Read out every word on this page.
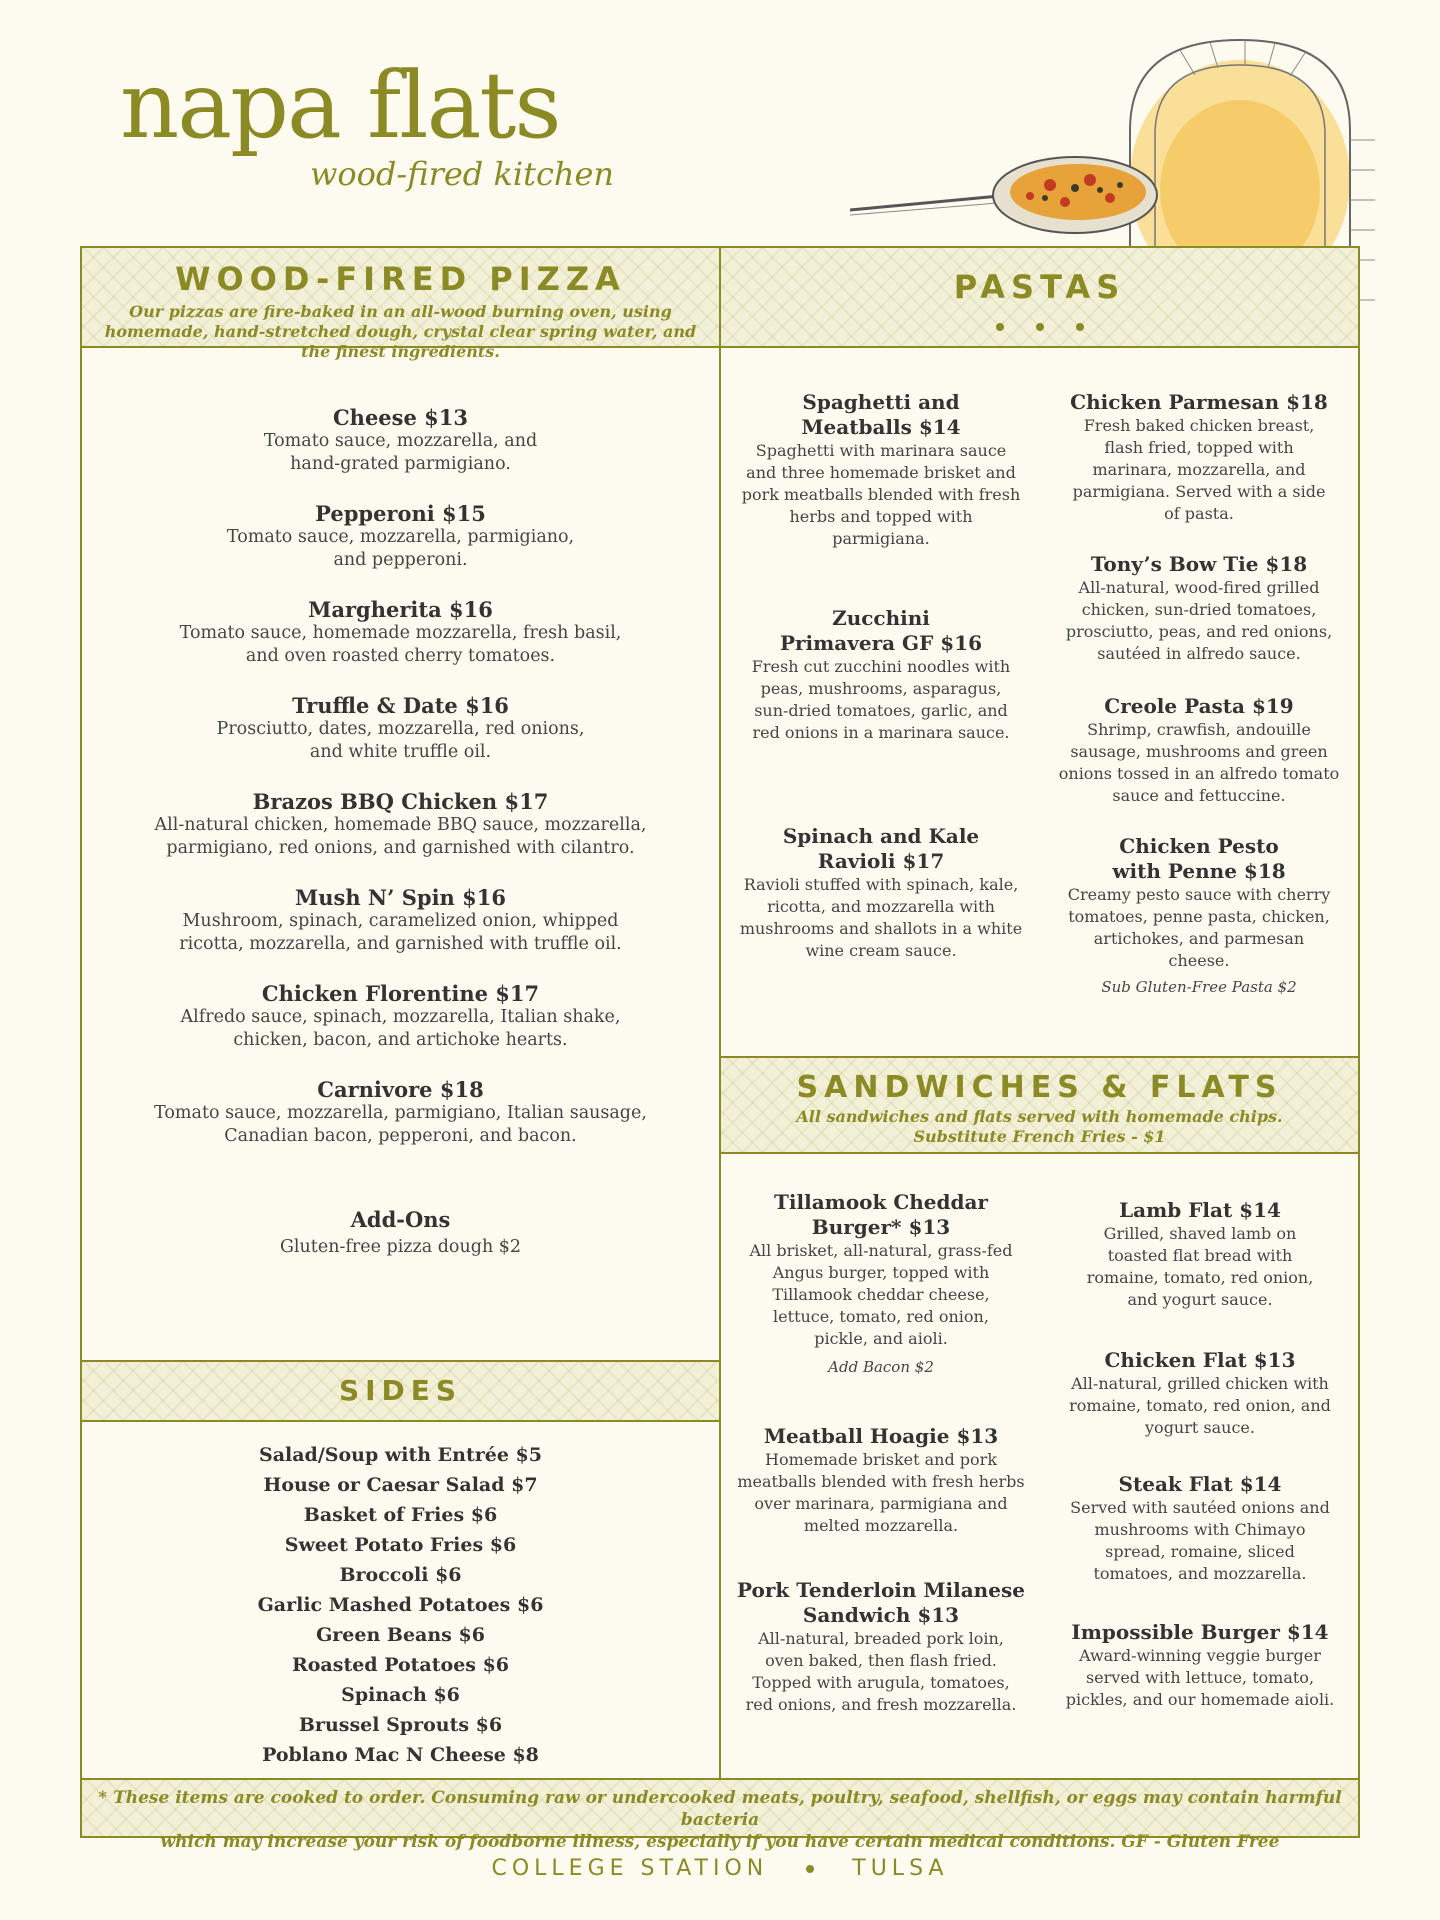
napa flats
wood-fired kitchen
WOOD-FIRED PIZZA
Our pizzas are fire-baked in an all-wood burning oven, using homemade, hand-stretched dough, crystal clear spring water, and the finest ingredients.
Cheese $13
Tomato sauce, mozzarella, and hand-grated parmigiano.
Pepperoni $15
Tomato sauce, mozzarella, parmigiano, and pepperoni.
Margherita $16
Tomato sauce, homemade mozzarella, fresh basil, and oven roasted cherry tomatoes.
Truffle & Date $16
Prosciutto, dates, mozzarella, red onions, and white truffle oil.
Brazos BBQ Chicken $17
All-natural chicken, homemade BBQ sauce, mozzarella, parmigiano, red onions, and garnished with cilantro.
Mush N’ Spin $16
Mushroom, spinach, caramelized onion, whipped ricotta, mozzarella, and garnished with truffle oil.
Chicken Florentine $17
Alfredo sauce, spinach, mozzarella, Italian shake, chicken, bacon, and artichoke hearts.
Carnivore $18
Tomato sauce, mozzarella, parmigiano, Italian sausage, Canadian bacon, pepperoni, and bacon.
Add-Ons
Gluten-free pizza dough $2
SIDES
Salad/Soup with Entrée $5
House or Caesar Salad $7
Basket of Fries $6
Sweet Potato Fries $6
Broccoli $6
Garlic Mashed Potatoes $6
Green Beans $6
Roasted Potatoes $6
Spinach $6
Brussel Sprouts $6
Poblano Mac N Cheese $8
PASTAS
Spaghetti and Meatballs $14
Spaghetti with marinara sauce and three homemade brisket and pork meatballs blended with fresh herbs and topped with parmigiana.
Zucchini Primavera GF $16
Fresh cut zucchini noodles with peas, mushrooms, asparagus, sun-dried tomatoes, garlic, and red onions in a marinara sauce.
Spinach and Kale Ravioli $17
Ravioli stuffed with spinach, kale, ricotta, and mozzarella with mushrooms and shallots in a white wine cream sauce.
Chicken Parmesan $18
Fresh baked chicken breast, flash fried, topped with marinara, mozzarella, and parmigiana. Served with a side of pasta.
Tony’s Bow Tie $18
All-natural, wood-fired grilled chicken, sun-dried tomatoes, prosciutto, peas, and red onions, sautéed in alfredo sauce.
Creole Pasta $19
Shrimp, crawfish, andouille sausage, mushrooms and green onions tossed in an alfredo tomato sauce and fettuccine.
Chicken Pesto with Penne $18
Creamy pesto sauce with cherry tomatoes, penne pasta, chicken, artichokes, and parmesan cheese.
Sub Gluten-Free Pasta $2
SANDWICHES & FLATS
All sandwiches and flats served with homemade chips.
Substitute French Fries - $1
Tillamook Cheddar Burger* $13
All brisket, all-natural, grass-fed Angus burger, topped with Tillamook cheddar cheese, lettuce, tomato, red onion, pickle, and aioli.
Add Bacon $2
Meatball Hoagie $13
Homemade brisket and pork meatballs blended with fresh herbs over marinara, parmigiana and melted mozzarella.
Pork Tenderloin Milanese Sandwich $13
All-natural, breaded pork loin, oven baked, then flash fried. Topped with arugula, tomatoes, red onions, and fresh mozzarella.
Lamb Flat $14
Grilled, shaved lamb on toasted flat bread with romaine, tomato, red onion, and yogurt sauce.
Chicken Flat $13
All-natural, grilled chicken with romaine, tomato, red onion, and yogurt sauce.
Steak Flat $14
Served with sautéed onions and mushrooms with Chimayo spread, romaine, sliced tomatoes, and mozzarella.
Impossible Burger $14
Award-winning veggie burger served with lettuce, tomato, pickles, and our homemade aioli.
* These items are cooked to order. Consuming raw or undercooked meats, poultry, seafood, shellfish, or eggs may contain harmful bacteria
which may increase your risk of foodborne illness, especially if you have certain medical conditions. GF - Gluten Free
COLLEGE STATION	TULSA
